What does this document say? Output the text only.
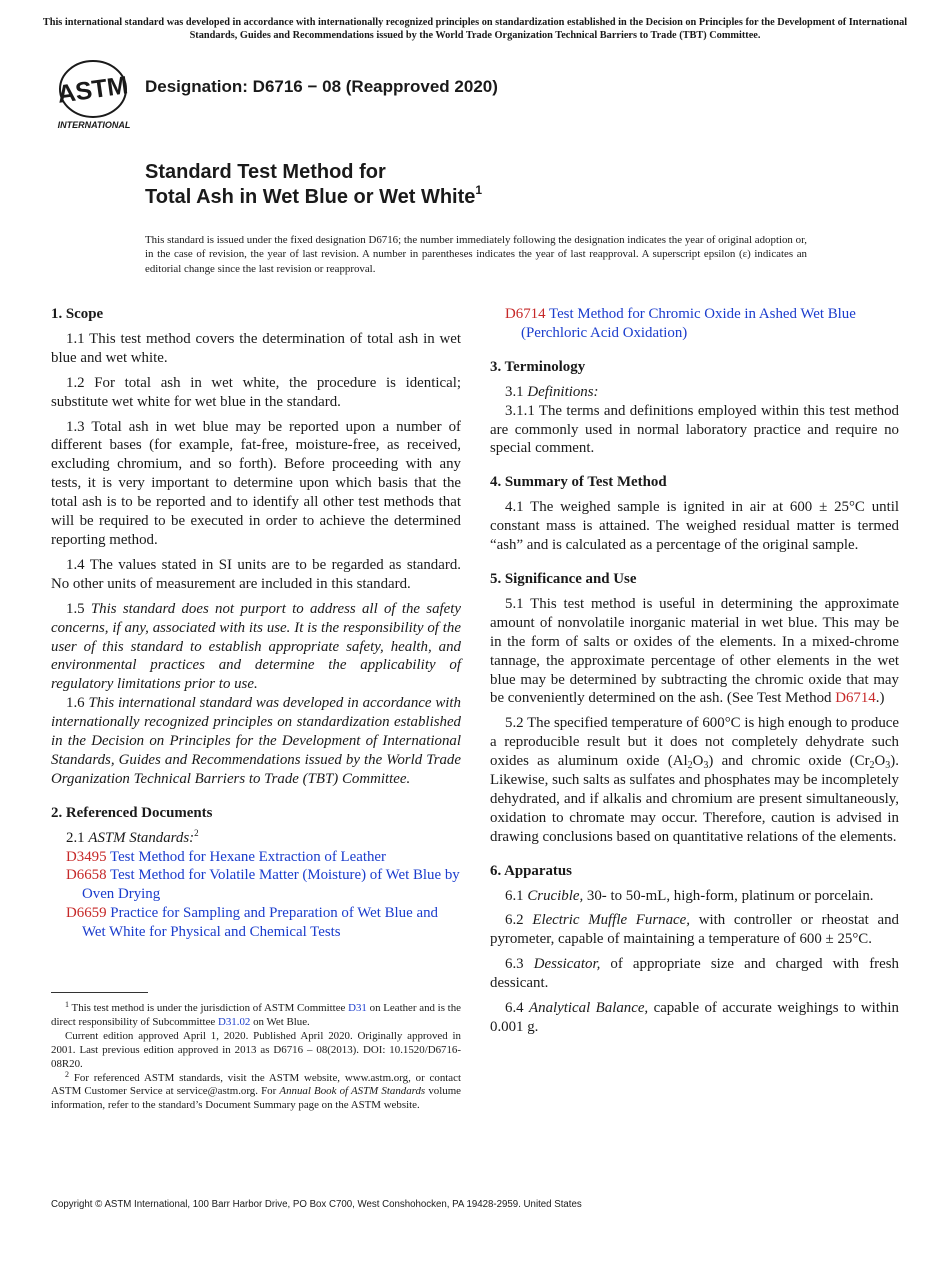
This international standard was developed in accordance with internationally recognized principles on standardization established in the Decision on Principles for the Development of International Standards, Guides and Recommendations issued by the World Trade Organization Technical Barriers to Trade (TBT) Committee.
ASTM
INTERNATIONAL
Designation: D6716 − 08 (Reapproved 2020)
Standard Test Method for
Total Ash in Wet Blue or Wet White$^1$
This standard is issued under the fixed designation D6716; the number immediately following the designation indicates the year of original adoption or, in the case of revision, the year of last revision. A number in parentheses indicates the year of last reapproval. A superscript epsilon (ε) indicates an editorial change since the last revision or reapproval.
1. Scope

1.1 This test method covers the determination of total ash in wet blue and wet white.

1.2 For total ash in wet white, the procedure is identical; substitute wet white for wet blue in the standard.

1.3 Total ash in wet blue may be reported upon a number of different bases (for example, fat-free, moisture-free, as received, excluding chromium, and so forth). Before proceeding with any tests, it is very important to determine upon which basis that the total ash is to be reported and to identify all other test methods that will be required to be executed in order to achieve the determined reporting method.

1.4 The values stated in SI units are to be regarded as standard. No other units of measurement are included in this standard.

1.5 This standard does not purport to address all of the safety concerns, if any, associated with its use. It is the responsibility of the user of this standard to establish appropriate safety, health, and environmental practices and determine the applicability of regulatory limitations prior to use.

1.6 This international standard was developed in accordance with internationally recognized principles on standardization established in the Decision on Principles for the Development of International Standards, Guides and Recommendations issued by the World Trade Organization Technical Barriers to Trade (TBT) Committee.

2. Referenced Documents

2.1 ASTM Standards:$^2$

D3495 Test Method for Hexane Extraction of Leather

D6658 Test Method for Volatile Matter (Moisture) of Wet Blue by Oven Drying

D6659 Practice for Sampling and Preparation of Wet Blue and Wet White for Physical and Chemical Tests

$^1$ This test method is under the jurisdiction of ASTM Committee D31 on Leather and is the direct responsibility of Subcommittee D31.02 on Wet Blue.

Current edition approved April 1, 2020. Published April 2020. Originally approved in 2001. Last previous edition approved in 2013 as D6716 – 08(2013). DOI: 10.1520/D6716-08R20.

$^2$ For referenced ASTM standards, visit the ASTM website, www.astm.org, or contact ASTM Customer Service at service@astm.org. For Annual Book of ASTM Standards volume information, refer to the standard’s Document Summary page on the ASTM website.

D6714 Test Method for Chromic Oxide in Ashed Wet Blue (Perchloric Acid Oxidation)

3. Terminology

3.1 Definitions:

3.1.1 The terms and definitions employed within this test method are commonly used in normal laboratory practice and require no special comment.

4. Summary of Test Method

4.1 The weighed sample is ignited in air at 600 ± 25°C until constant mass is attained. The weighed residual matter is termed “ash” and is calculated as a percentage of the original sample.

5. Significance and Use

5.1 This test method is useful in determining the approximate amount of nonvolatile inorganic material in wet blue. This may be in the form of salts or oxides of the elements. In a mixed-chrome tannage, the approximate percentage of other elements in the wet blue may be determined by subtracting the chromic oxide that may be conveniently determined on the ash. (See Test Method D6714.)

5.2 The specified temperature of 600°C is high enough to produce a reproducible result but it does not completely dehydrate such oxides as aluminum oxide $(Al_2O_3)$ and chromic oxide $(Cr_2O_3)$. Likewise, such salts as sulfates and phosphates may be incompletely dehydrated, and if alkalis and chromium are present simultaneously, oxidation to chromate may occur. Therefore, caution is advised in drawing conclusions based on quantitative relations of the elements.

6. Apparatus

6.1 Crucible, 30- to 50-mL, high-form, platinum or porcelain.

6.2 Electric Muffle Furnace, with controller or rheostat and pyrometer, capable of maintaining a temperature of 600 ± 25°C.

6.3 Dessicator, of appropriate size and charged with fresh dessicant.

6.4 Analytical Balance, capable of accurate weighings to within 0.001 g.

Copyright © ASTM International, 100 Barr Harbor Drive, PO Box C700, West Conshohocken, PA 19428-2959. United States
